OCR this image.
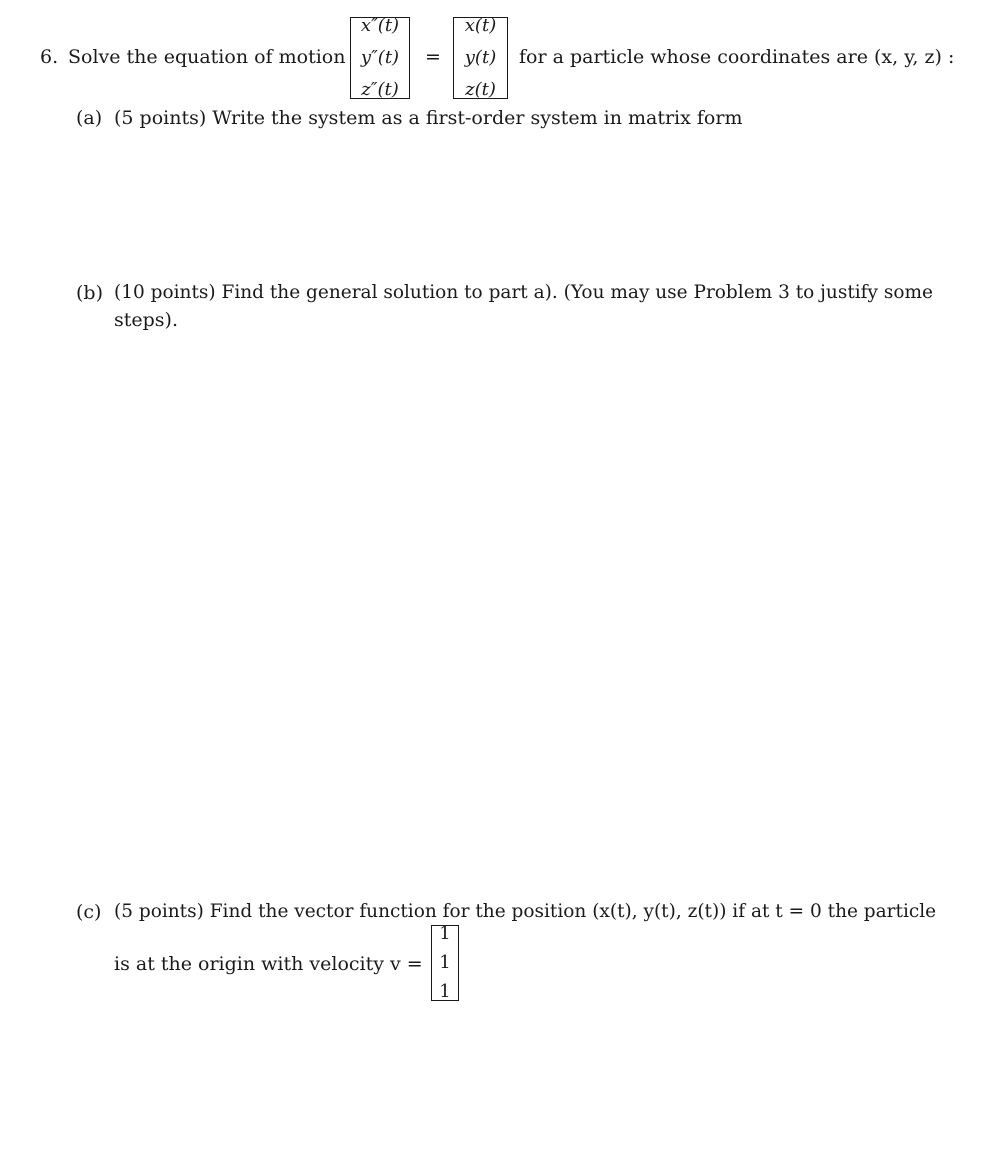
6. Solve the equation of motion
x″(t)
y″(t)
z″(t)
=
x(t)
y(t)
z(t)
for a particle whose coordinates are (x, y, z) :
(a) (5 points) Write the system as a first-order system in matrix form
(b) (10 points) Find the general solution to part a). (You may use Problem 3 to justify some
steps).
(c) (5 points) Find the vector function for the position (x(t), y(t), z(t)) if at t = 0 the particle
is at the origin with velocity v =
1
1
1
